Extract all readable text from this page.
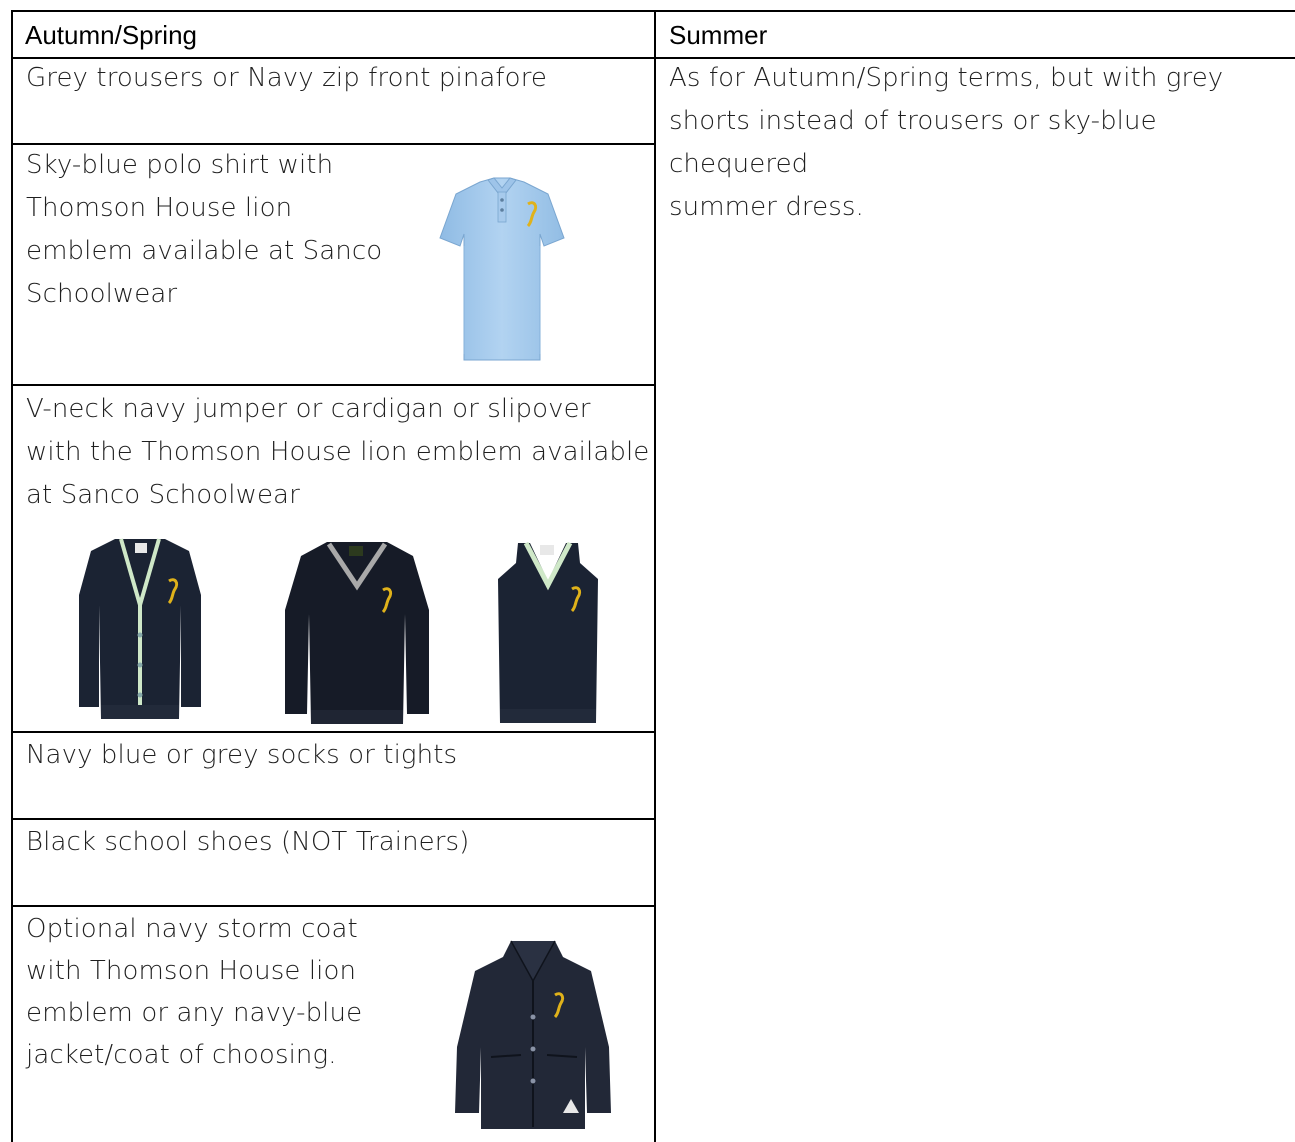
Autumn/Spring	Summer
Grey trousers or Navy zip front pinafore
Sky-blue polo shirt with
Thomson House lion
emblem available at Sanco
Schoolwear
V-neck navy jumper or cardigan or slipover
with the Thomson House lion emblem available
at Sanco Schoolwear
Navy blue or grey socks or tights
Black school shoes (NOT Trainers)
Optional navy storm coat
with Thomson House lion
emblem or any navy-blue
jacket/coat of choosing.
As for Autumn/Spring terms, but with grey
shorts instead of trousers or sky-blue chequered
summer dress.
